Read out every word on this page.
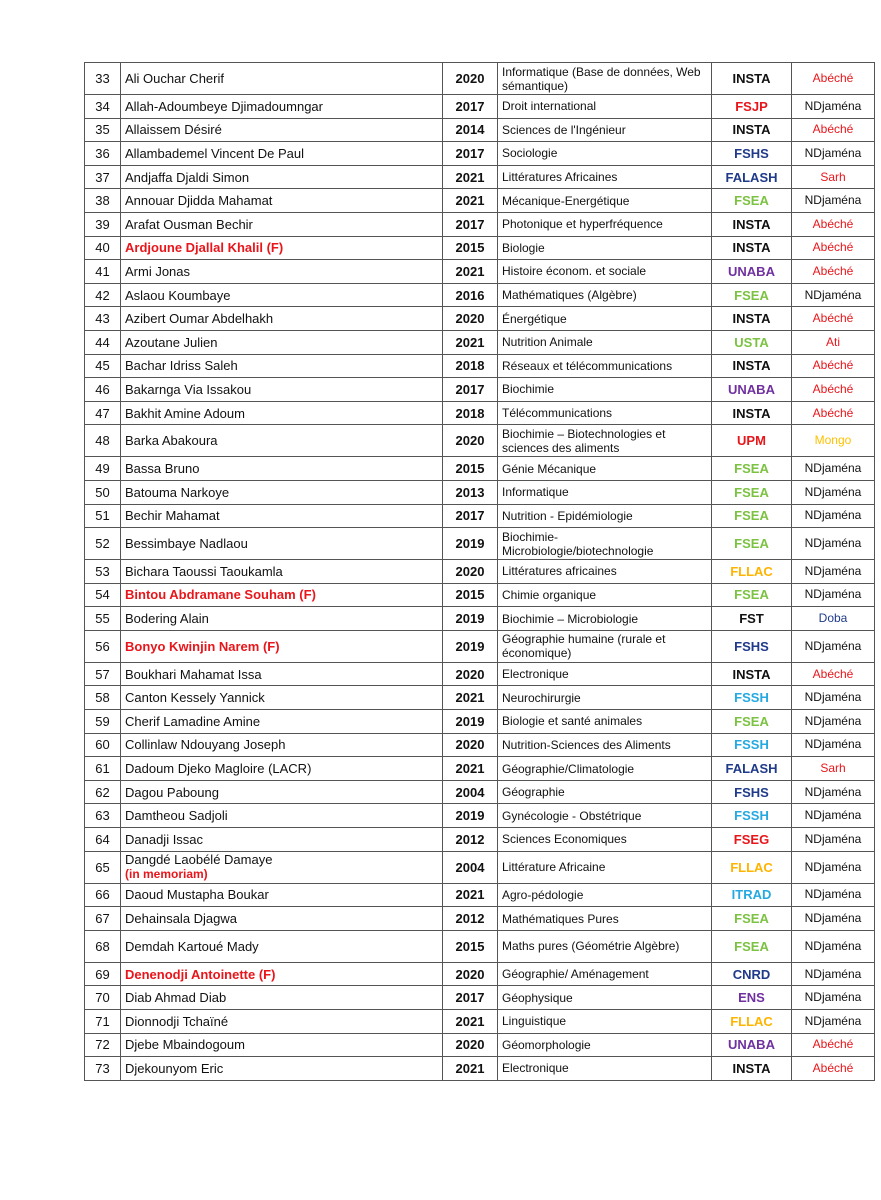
33	Ali Ouchar Cherif	2020	Informatique (Base de données, Web sémantique)	INSTA	Abéché
34	Allah-Adoumbeye Djimadoumngar	2017	Droit international	FSJP	NDjaména
35	Allaissem Désiré	2014	Sciences de l'Ingénieur	INSTA	Abéché
36	Allambademel Vincent De Paul	2017	Sociologie	FSHS	NDjaména
37	Andjaffa Djaldi Simon	2021	Littératures Africaines	FALASH	Sarh
38	Annouar Djidda Mahamat	2021	Mécanique-Energétique	FSEA	NDjaména
39	Arafat Ousman Bechir	2017	Photonique et hyperfréquence	INSTA	Abéché
40	Ardjoune Djallal Khalil (F)	2015	Biologie	INSTA	Abéché
41	Armi Jonas	2021	Histoire économ. et sociale	UNABA	Abéché
42	Aslaou Koumbaye	2016	Mathématiques (Algèbre)	FSEA	NDjaména
43	Azibert Oumar Abdelhakh	2020	Énergétique	INSTA	Abéché
44	Azoutane Julien	2021	Nutrition Animale	USTA	Ati
45	Bachar Idriss Saleh	2018	Réseaux et télécommunications	INSTA	Abéché
46	Bakarnga Via Issakou	2017	Biochimie	UNABA	Abéché
47	Bakhit Amine Adoum	2018	Télécommunications	INSTA	Abéché
48	Barka Abakoura	2020	Biochimie – Biotechnologies et sciences des aliments	UPM	Mongo
49	Bassa Bruno	2015	Génie Mécanique	FSEA	NDjaména
50	Batouma Narkoye	2013	Informatique	FSEA	NDjaména
51	Bechir Mahamat	2017	Nutrition - Epidémiologie	FSEA	NDjaména
52	Bessimbaye Nadlaou	2019	Biochimie-Microbiologie/biotechnologie	FSEA	NDjaména
53	Bichara Taoussi Taoukamla	2020	Littératures africaines	FLLAC	NDjaména
54	Bintou Abdramane Souham (F)	2015	Chimie organique	FSEA	NDjaména
55	Bodering Alain	2019	Biochimie – Microbiologie	FST	Doba
56	Bonyo Kwinjin Narem (F)	2019	Géographie humaine (rurale et économique)	FSHS	NDjaména
57	Boukhari Mahamat Issa	2020	Electronique	INSTA	Abéché
58	Canton Kessely Yannick	2021	Neurochirurgie	FSSH	NDjaména
59	Cherif Lamadine Amine	2019	Biologie et santé animales	FSEA	NDjaména
60	Collinlaw Ndouyang Joseph	2020	Nutrition-Sciences des Aliments	FSSH	NDjaména
61	Dadoum Djeko Magloire (LACR)	2021	Géographie/Climatologie	FALASH	Sarh
62	Dagou Paboung	2004	Géographie	FSHS	NDjaména
63	Damtheou Sadjoli	2019	Gynécologie - Obstétrique	FSSH	NDjaména
64	Danadji Issac	2012	Sciences Economiques	FSEG	NDjaména
65	Dangdé Laobélé Damaye
(in memoriam)	2004	Littérature Africaine	FLLAC	NDjaména
66	Daoud Mustapha Boukar	2021	Agro-pédologie	ITRAD	NDjaména
67	Dehainsala Djagwa	2012	Mathématiques Pures	FSEA	NDjaména
68	Demdah Kartoué Mady	2015	Maths pures (Géométrie Algèbre)	FSEA	NDjaména
69	Denenodji Antoinette (F)	2020	Géographie/ Aménagement	CNRD	NDjaména
70	Diab Ahmad Diab	2017	Géophysique	ENS	NDjaména
71	Dionnodji Tchaïné	2021	Linguistique	FLLAC	NDjaména
72	Djebe Mbaindogoum	2020	Géomorphologie	UNABA	Abéché
73	Djekounyom Eric	2021	Electronique	INSTA	Abéché
